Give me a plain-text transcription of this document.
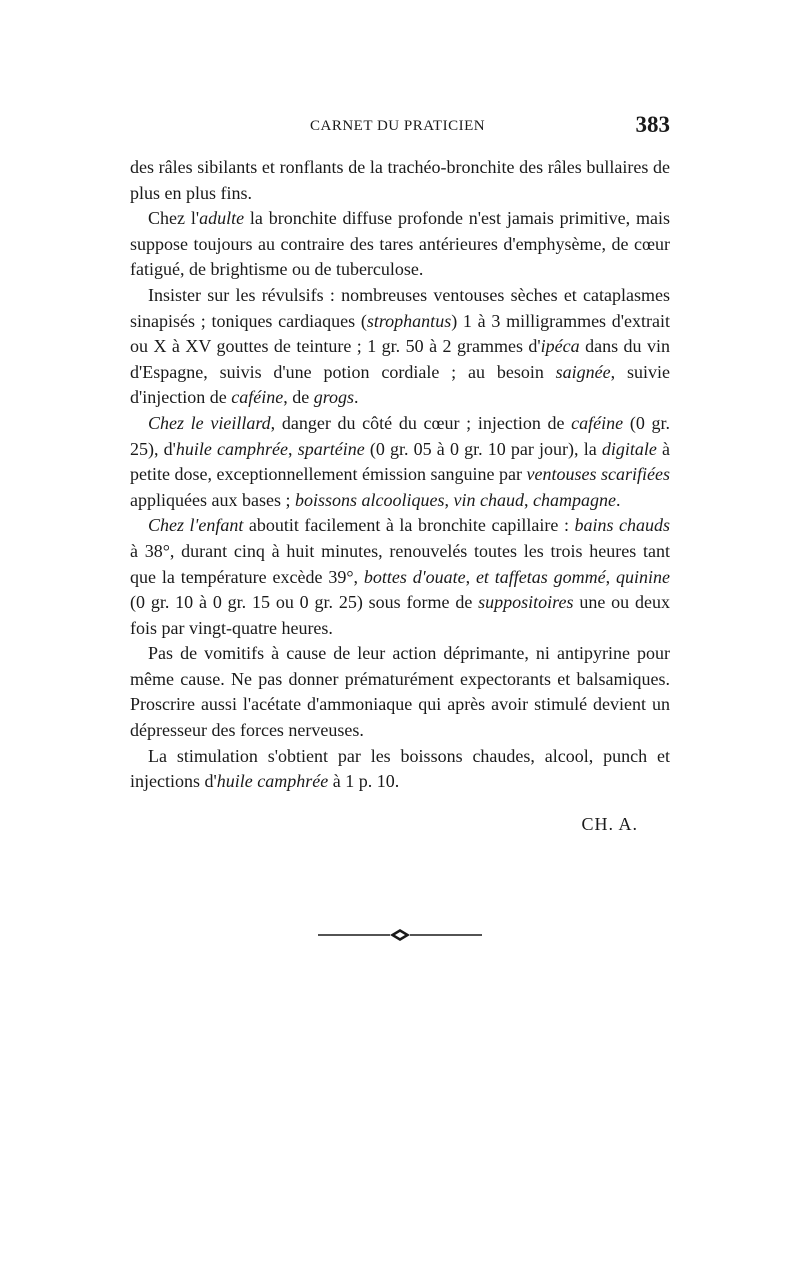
CARNET DU PRATICIEN	383

des râles sibilants et ronflants de la trachéo-bronchite des râles bullaires de plus en plus fins.

Chez l'adulte la bronchite diffuse profonde n'est jamais primitive, mais suppose toujours au contraire des tares antérieures d'emphysème, de cœur fatigué, de brightisme ou de tuberculose.

Insister sur les révulsifs : nombreuses ventouses sèches et cataplasmes sinapisés ; toniques cardiaques (strophantus) 1 à 3 milligrammes d'extrait ou X à XV gouttes de teinture ; 1 gr. 50 à 2 grammes d'ipéca dans du vin d'Espagne, suivis d'une potion cordiale ; au besoin saignée, suivie d'injection de caféine, de grogs.

Chez le vieillard, danger du côté du cœur ; injection de caféine (0 gr. 25), d'huile camphrée, spartéine (0 gr. 05 à 0 gr. 10 par jour), la digitale à petite dose, exceptionnellement émission sanguine par ventouses scarifiées appliquées aux bases ; boissons alcooliques, vin chaud, champagne.

Chez l'enfant aboutit facilement à la bronchite capillaire : bains chauds à 38°, durant cinq à huit minutes, renouvelés toutes les trois heures tant que la température excède 39°, bottes d'ouate, et taffetas gommé, quinine (0 gr. 10 à 0 gr. 15 ou 0 gr. 25) sous forme de suppositoires une ou deux fois par vingt-quatre heures.

Pas de vomitifs à cause de leur action déprimante, ni antipyrine pour même cause. Ne pas donner prématurément expectorants et balsamiques. Proscrire aussi l'acétate d'ammoniaque qui après avoir stimulé devient un dépresseur des forces nerveuses.

La stimulation s'obtient par les boissons chaudes, alcool, punch et injections d'huile camphrée à 1 p. 10.

CH. A.
